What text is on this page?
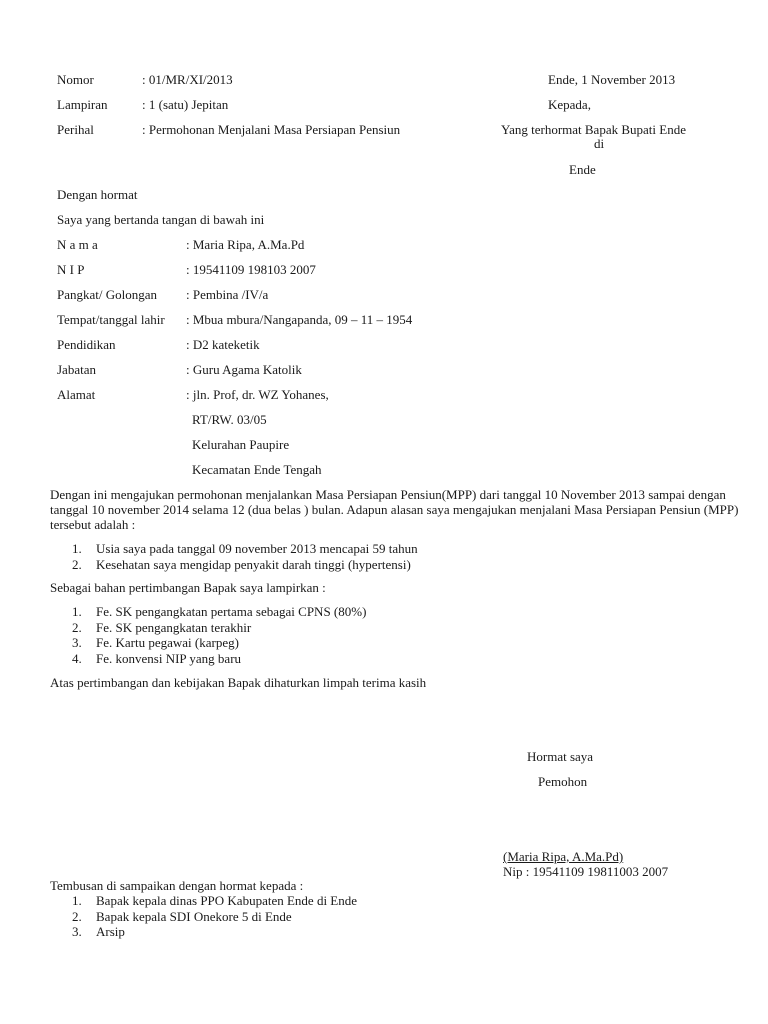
Nomor	: 01/MR/XI/2013	Ende, 1 November 2013
Lampiran	: 1 (satu) Jepitan	Kepada,
Perihal	: Permohonan Menjalani Masa Persiapan Pensiun	Yang terhormat Bapak Bupati Ende
di
Ende
Dengan hormat
Saya yang bertanda tangan di bawah ini
N a m a	: Maria Ripa, A.Ma.Pd
N I P	: 19541109 198103 2007
Pangkat/ Golongan : Pembina /IV/a
Tempat/tanggal lahir : Mbua mbura/Nangapanda, 09 – 11 – 1954
Pendidikan	: D2 kateketik
Jabatan	: Guru Agama Katolik
Alamat	: jln. Prof, dr. WZ Yohanes,
RT/RW. 03/05
Kelurahan Paupire
Kecamatan Ende Tengah
Dengan ini mengajukan permohonan menjalankan Masa Persiapan Pensiun(MPP) dari tanggal 10 November 2013 sampai dengan tanggal 10 november 2014 selama 12 (dua belas ) bulan. Adapun alasan saya mengajukan menjalani Masa Persiapan Pensiun (MPP) tersebut adalah :
1. Usia saya pada tanggal 09 november 2013 mencapai 59 tahun
2. Kesehatan saya mengidap penyakit darah tinggi (hypertensi)
Sebagai bahan pertimbangan Bapak saya lampirkan :
1. Fe. SK pengangkatan pertama sebagai CPNS (80%)
2. Fe. SK pengangkatan terakhir
3. Fe. Kartu pegawai (karpeg)
4. Fe. konvensi NIP yang baru
Atas pertimbangan dan kebijakan Bapak dihaturkan limpah terima kasih
Hormat saya
Pemohon
(Maria Ripa, A.Ma.Pd)
Nip : 19541109 19811003 2007
Tembusan di sampaikan dengan hormat kepada :
1. Bapak kepala dinas PPO Kabupaten Ende di Ende
2. Bapak kepala SDI Onekore 5 di Ende
3. Arsip
